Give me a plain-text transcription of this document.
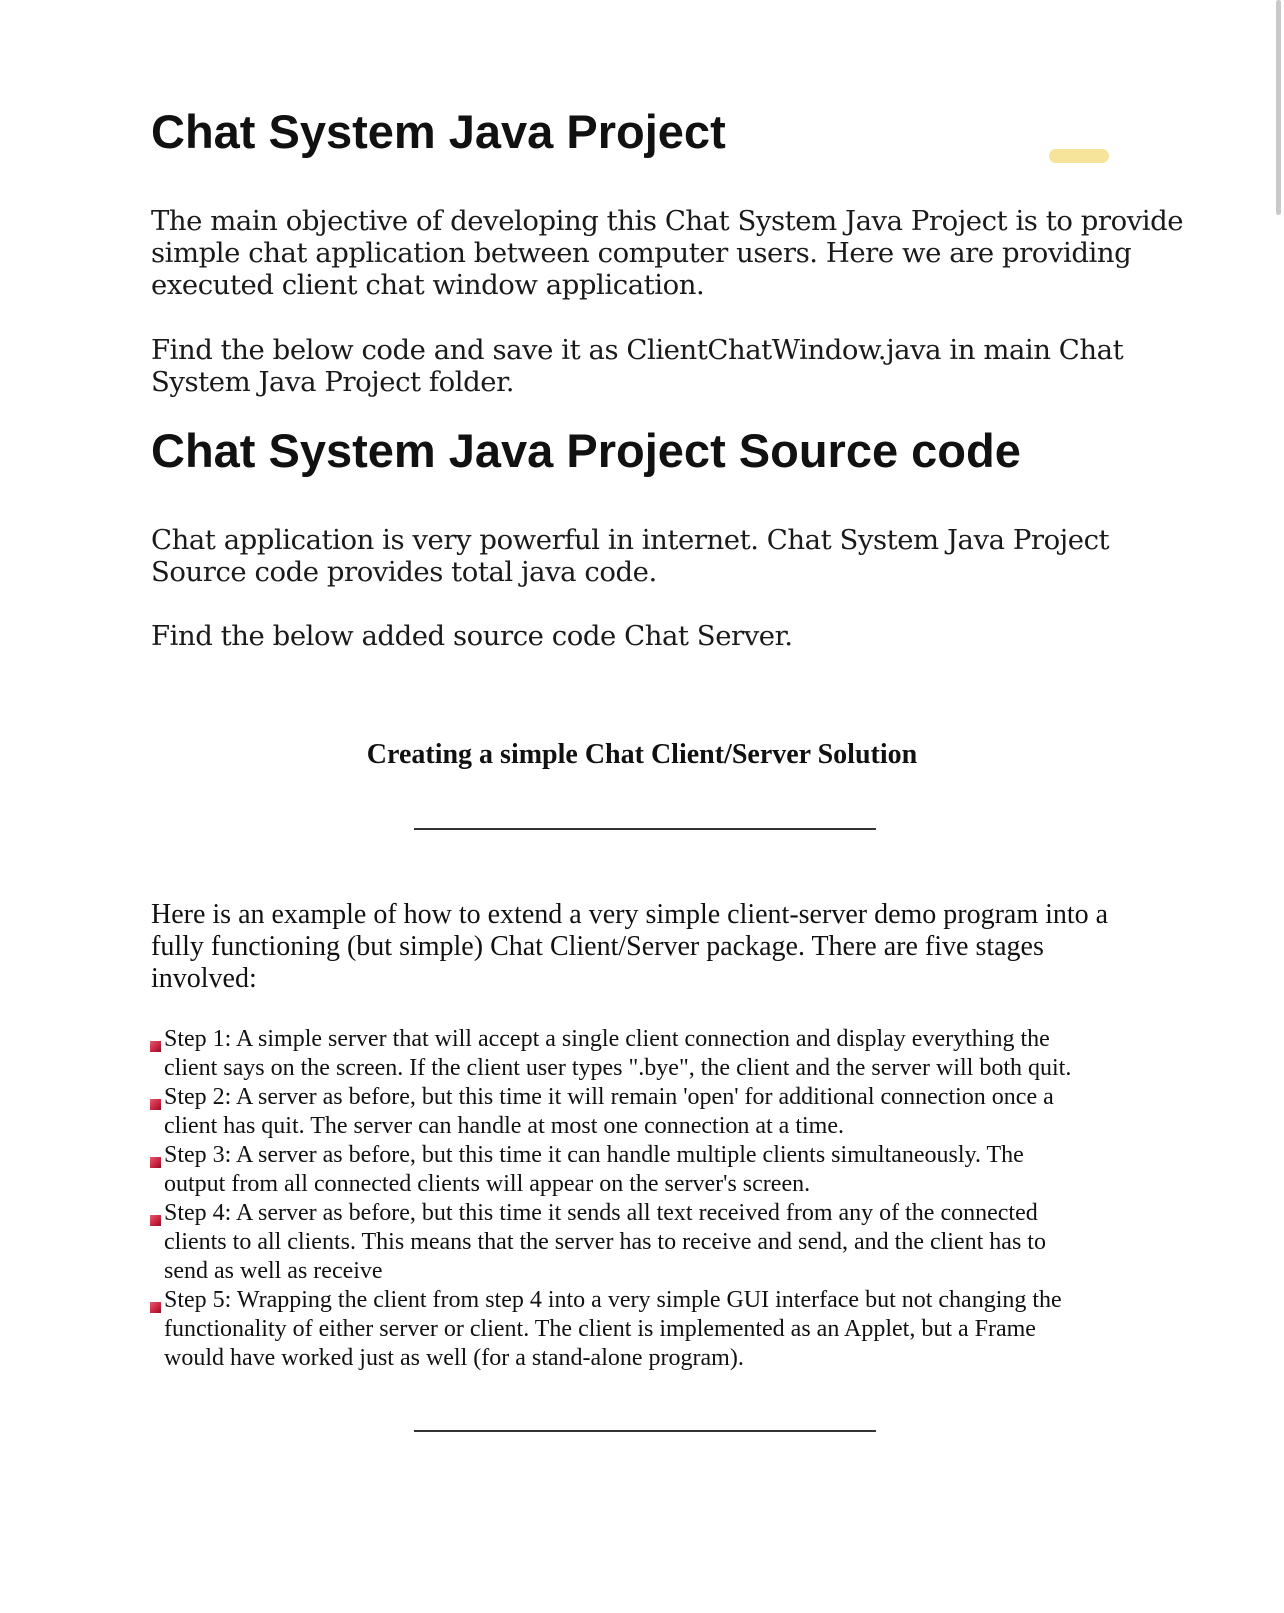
Chat System Java Project

The main objective of developing this Chat System Java Project is to provide
simple chat application between computer users. Here we are providing
executed client chat window application.

Find the below code and save it as ClientChatWindow.java in main Chat
System Java Project folder.

Chat System Java Project Source code

Chat application is very powerful in internet. Chat System Java Project
Source code provides total java code.

Find the below added source code Chat Server.

Creating a simple Chat Client/Server Solution

Here is an example of how to extend a very simple client-server demo program into a
fully functioning (but simple) Chat Client/Server package. There are five stages
involved:

Step 1: A simple server that will accept a single client connection and display everything the
client says on the screen. If the client user types ".bye", the client and the server will both quit.
Step 2: A server as before, but this time it will remain 'open' for additional connection once a
client has quit. The server can handle at most one connection at a time.
Step 3: A server as before, but this time it can handle multiple clients simultaneously. The
output from all connected clients will appear on the server's screen.
Step 4: A server as before, but this time it sends all text received from any of the connected
clients to all clients. This means that the server has to receive and send, and the client has to
send as well as receive
Step 5: Wrapping the client from step 4 into a very simple GUI interface but not changing the
functionality of either server or client. The client is implemented as an Applet, but a Frame
would have worked just as well (for a stand-alone program).
